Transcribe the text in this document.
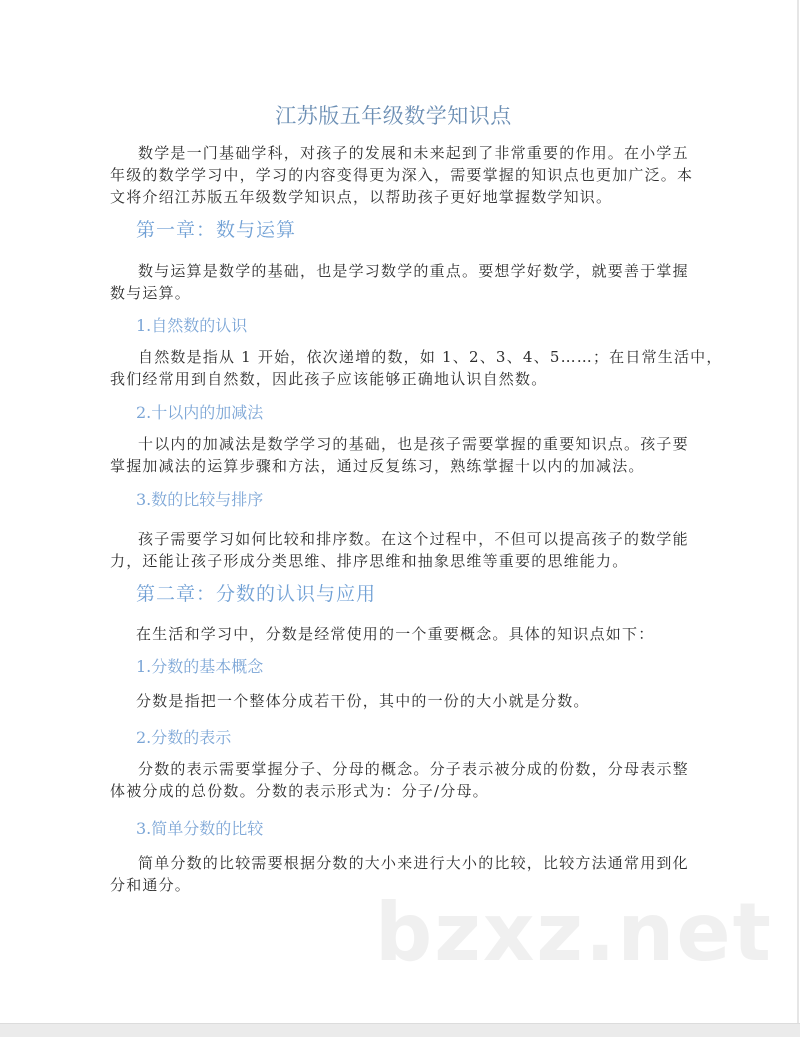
江苏版五年级数学知识点
数学是一门基础学科，对孩子的发展和未来起到了非常重要的作用。在小学五
年级的数学学习中，学习的内容变得更为深入，需要掌握的知识点也更加广泛。本
文将介绍江苏版五年级数学知识点，以帮助孩子更好地掌握数学知识。
第一章：数与运算
数与运算是数学的基础，也是学习数学的重点。要想学好数学，就要善于掌握
数与运算。
1.自然数的认识
自然数是指从 1 开始，依次递增的数，如 1、2、3、4、5……；在日常生活中，
我们经常用到自然数，因此孩子应该能够正确地认识自然数。
2.十以内的加减法
十以内的加减法是数学学习的基础，也是孩子需要掌握的重要知识点。孩子要
掌握加减法的运算步骤和方法，通过反复练习，熟练掌握十以内的加减法。
3.数的比较与排序
孩子需要学习如何比较和排序数。在这个过程中，不但可以提高孩子的数学能
力，还能让孩子形成分类思维、排序思维和抽象思维等重要的思维能力。
第二章：分数的认识与应用
在生活和学习中，分数是经常使用的一个重要概念。具体的知识点如下：
1.分数的基本概念
分数是指把一个整体分成若干份，其中的一份的大小就是分数。
2.分数的表示
分数的表示需要掌握分子、分母的概念。分子表示被分成的份数，分母表示整
体被分成的总份数。分数的表示形式为：分子/分母。
3.简单分数的比较
简单分数的比较需要根据分数的大小来进行大小的比较，比较方法通常用到化
分和通分。
bzxz.net
